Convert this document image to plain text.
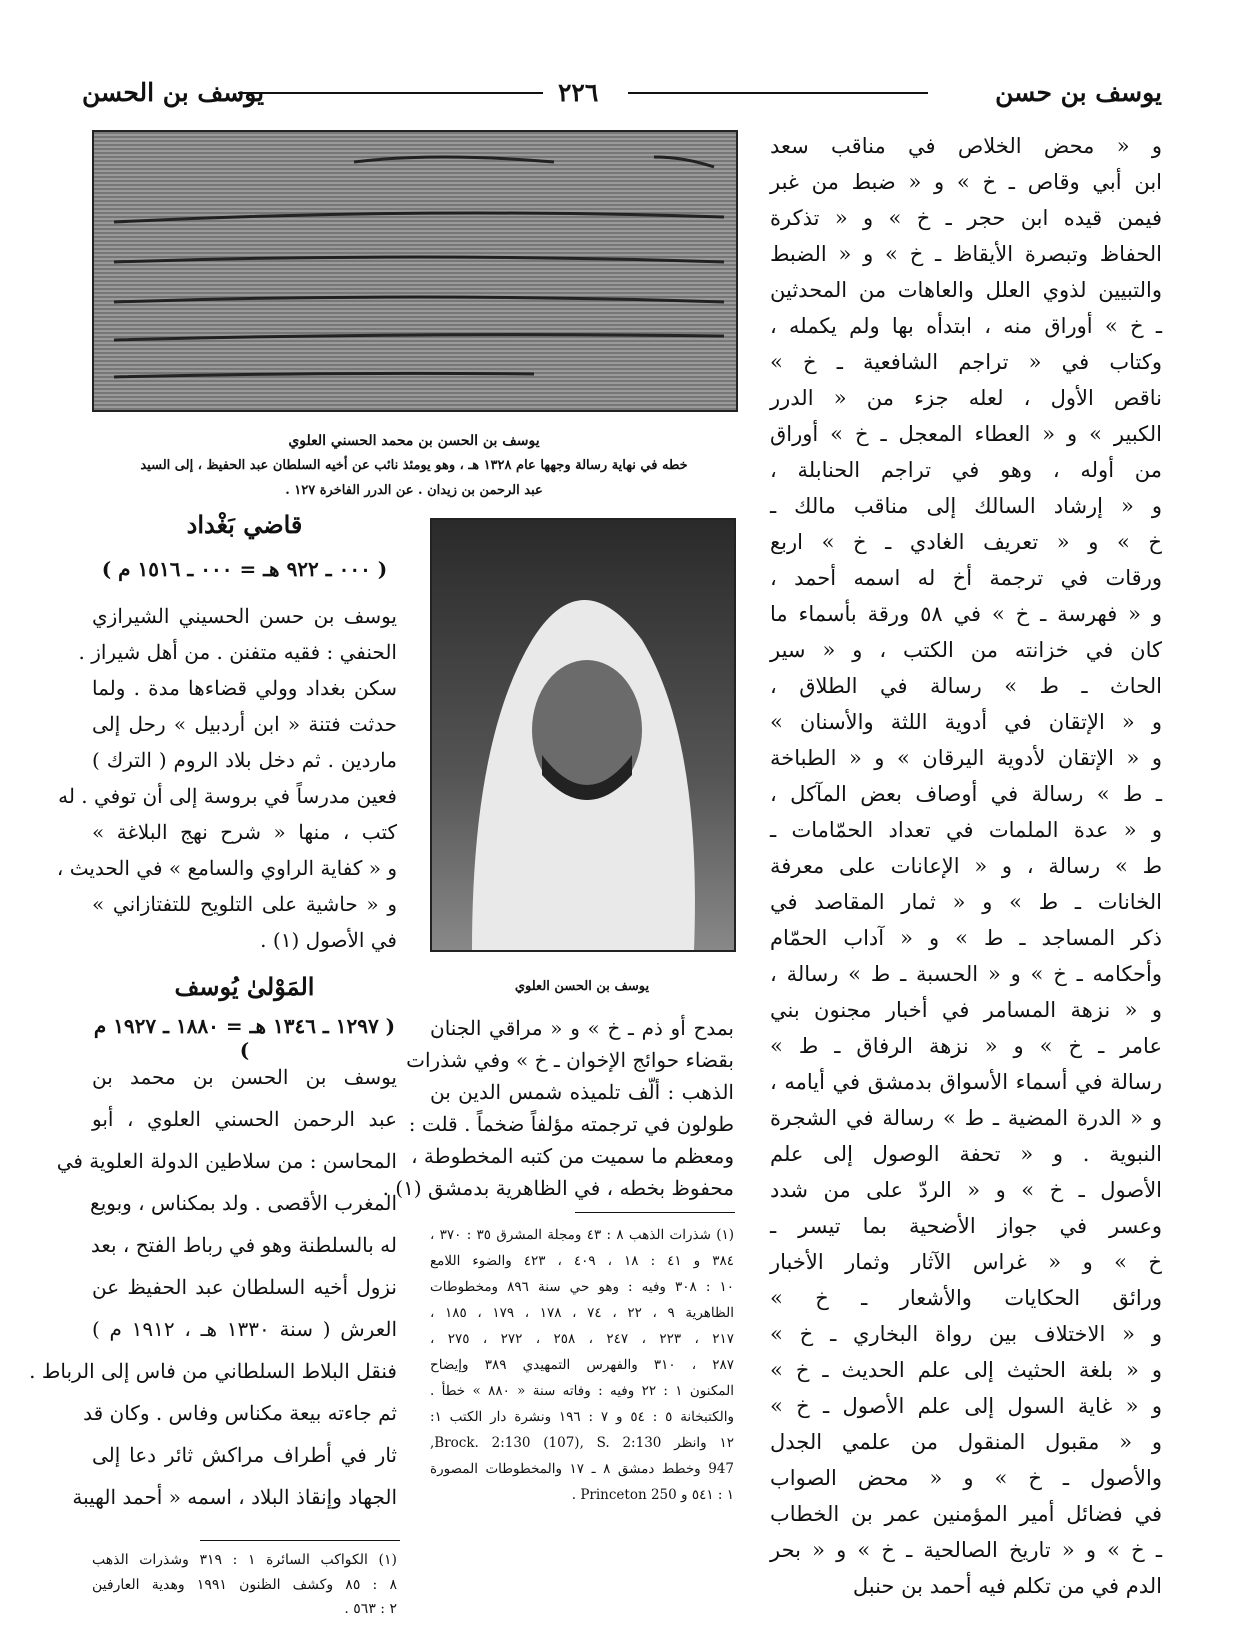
يوسف بن حسن
٢٢٦
يوسف بن الحسن
و « محض الخلاص في مناقب سعد
ابن أبي وقاص ـ خ » و « ضبط من غبر
فيمن قيده ابن حجر ـ خ » و « تذكرة
الحفاظ وتبصرة الأيقاظ ـ خ » و « الضبط
والتبيين لذوي العلل والعاهات من المحدثين
ـ خ » أوراق منه ، ابتدأه بها ولم يكمله ،
وكتاب في « تراجم الشافعية ـ خ »
ناقص الأول ، لعله جزء من « الدرر
الكبير » و « العطاء المعجل ـ خ » أوراق
من أوله ، وهو في تراجم الحنابلة ،
و « إرشاد السالك إلى مناقب مالك ـ
خ » و « تعريف الغادي ـ خ » اربع
ورقات في ترجمة أخ له اسمه أحمد ،
و « فهرسة ـ خ » في ٥٨ ورقة بأسماء ما
كان في خزانته من الكتب ، و « سير
الحاث ـ ط » رسالة في الطلاق ،
و « الإتقان في أدوية اللثة والأسنان »
و « الإتقان لأدوية اليرقان » و « الطباخة
ـ ط » رسالة في أوصاف بعض المآكل ،
و « عدة الملمات في تعداد الحمّامات ـ
ط » رسالة ، و « الإعانات على معرفة
الخانات ـ ط » و « ثمار المقاصد في
ذكر المساجد ـ ط » و « آداب الحمّام
وأحكامه ـ خ » و « الحسبة ـ ط » رسالة ،
و « نزهة المسامر في أخبار مجنون بني
عامر ـ خ » و « نزهة الرفاق ـ ط »
رسالة في أسماء الأسواق بدمشق في أيامه ،
و « الدرة المضية ـ ط » رسالة في الشجرة
النبوية . و « تحفة الوصول إلى علم
الأصول ـ خ » و « الردّ على من شدد
وعسر في جواز الأضحية بما تيسر ـ
خ » و « غراس الآثار وثمار الأخبار
ورائق الحكايات والأشعار ـ خ »
و « الاختلاف بين رواة البخاري ـ خ »
و « بلغة الحثيث إلى علم الحديث ـ خ »
و « غاية السول إلى علم الأصول ـ خ »
و « مقبول المنقول من علمي الجدل
والأصول ـ خ » و « محض الصواب
في فضائل أمير المؤمنين عمر بن الخطاب
ـ خ » و « تاريخ الصالحية ـ خ » و « بحر
الدم في من تكلم فيه أحمد بن حنبل
يوسف بن الحسن بن محمد الحسني العلوي
خطه في نهاية رسالة وجهها عام ١٣٢٨ هـ ، وهو يومئذ نائب عن أخيه السلطان عبد الحفيظ ، إلى السيد
عبد الرحمن بن زيدان . عن الدرر الفاخرة ١٢٧ .
قاضي بَغْداد
( ٠٠٠ ـ ٩٢٢ هـ = ٠٠٠ ـ ١٥١٦ م )
يوسف بن حسن الحسيني الشيرازي
الحنفي : فقيه متفنن . من أهل شيراز .
سكن بغداد وولي قضاءها مدة . ولما
حدثت فتنة « ابن أردبيل » رحل إلى
ماردين . ثم دخل بلاد الروم ( الترك )
فعين مدرساً في بروسة إلى أن توفي . له
كتب ، منها « شرح نهج البلاغة »
و « كفاية الراوي والسامع » في الحديث ،
و « حاشية على التلويح للتفتازاني »
في الأصول (١) .
المَوْلىٰ يُوسف
( ١٢٩٧ ـ ١٣٤٦ هـ = ١٨٨٠ ـ ١٩٢٧ م )
يوسف بن الحسن بن محمد بن
عبد الرحمن الحسني العلوي ، أبو
المحاسن : من سلاطين الدولة العلوية في
المغرب الأقصى . ولد بمكناس ، وبويع
له بالسلطنة وهو في رباط الفتح ، بعد
نزول أخيه السلطان عبد الحفيظ عن
العرش ( سنة ١٣٣٠ هـ ، ١٩١٢ م )
فنقل البلاط السلطاني من فاس إلى الرباط .
ثم جاءته بيعة مكناس وفاس . وكان قد
ثار في أطراف مراكش ثائر دعا إلى
الجهاد وإنقاذ البلاد ، اسمه « أحمد الهيبة
(١) الكواكب السائرة ١ : ٣١٩ وشذرات الذهب
٨ : ٨٥ وكشف الظنون ١٩٩١ وهدية العارفين
٢ : ٥٦٣ .
يوسف بن الحسن العلوي
بمدح أو ذم ـ خ » و « مراقي الجنان
بقضاء حوائج الإخوان ـ خ » وفي شذرات
الذهب : ألّف تلميذه شمس الدين بن
طولون في ترجمته مؤلفاً ضخماً . قلت :
ومعظم ما سميت من كتبه المخطوطة ،
محفوظ بخطه ، في الظاهرية بدمشق (١) .
(١) شذرات الذهب ٨ : ٤٣ ومجلة المشرق ٣٥ : ٣٧٠ ،
٣٨٤ و ٤١ : ١٨ ، ٤٠٩ ، ٤٢٣ والضوء اللامع
١٠ : ٣٠٨ وفيه : وهو حي سنة ٨٩٦ ومخطوطات
الظاهرية ٩ ، ٢٢ ، ٧٤ ، ١٧٨ ، ١٧٩ ، ١٨٥ ،
٢١٧ ، ٢٢٣ ، ٢٤٧ ، ٢٥٨ ، ٢٧٢ ، ٢٧٥ ،
٢٨٧ ، ٣١٠ والفهرس التمهيدي ٣٨٩ وإيضاح
المكنون ١ : ٢٢ وفيه : وفاته سنة « ٨٨٠ » خطأ .
والكتبخانة ٥ : ٥٤ و ٧ : ١٩٦ ونشرة دار الكتب ١:
١٢ وانظر Brock. 2:130 (107), S. 2:130,
947 وخطط دمشق ٨ ـ ١٧ والمخطوطات المصورة
١ : ٥٤١ و Princeton 250 .
